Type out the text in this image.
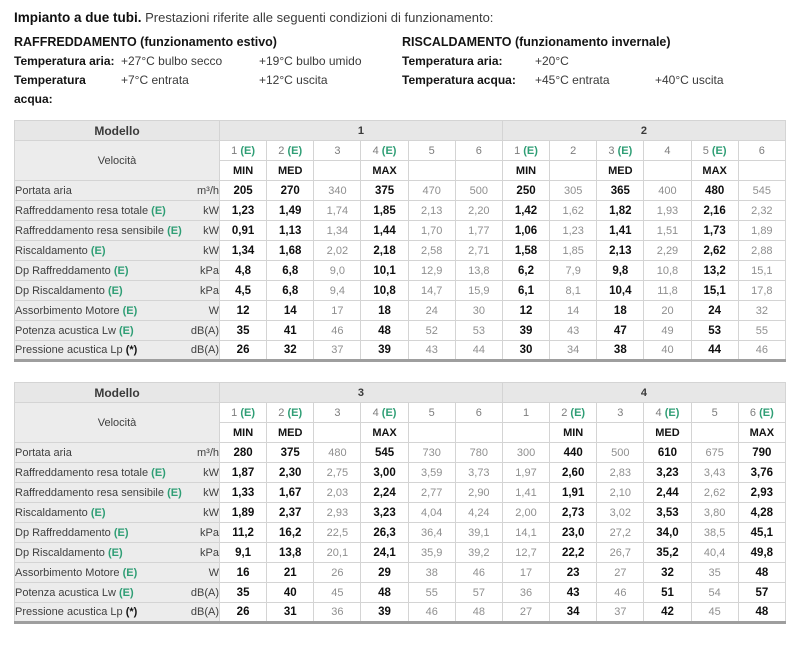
Impianto a due tubi. Prestazioni riferite alle seguenti condizioni di funzionamento:
RAFFREDDAMENTO (funzionamento estivo)
Temperatura aria: +27°C bulbo secco	+19°C bulbo umido
Temperatura acqua:
+7°C entrata	+12°C uscita
RISCALDAMENTO (funzionamento invernale)
Temperatura aria:	+20°C
Temperatura acqua:	+45°C entrata	+40°C uscita
Modello	1						2					
Velocità	1 (E)	2 (E)	3	4 (E)	5	6	1 (E)	2	3 (E)	4	5 (E)	6
	MIN	MED		MAX			MIN		MED		MAX	

Portata aria m³/h	205	270	340	375	470	500	250	305	365	400	480	545

Raffreddamento resa totale (E) kW	1,23	1,49	1,74	1,85	2,13	2,20	1,42	1,62	1,82	1,93	2,16	2,32

Raffreddamento resa sensibile (E) kW	0,91	1,13	1,34	1,44	1,70	1,77	1,06	1,23	1,41	1,51	1,73	1,89

Riscaldamento (E) kW	1,34	1,68	2,02	2,18	2,58	2,71	1,58	1,85	2,13	2,29	2,62	2,88

Dp Raffreddamento (E) kPa	4,8	6,8	9,0	10,1	12,9	13,8	6,2	7,9	9,8	10,8	13,2	15,1

Dp Riscaldamento (E) kPa	4,5	6,8	9,4	10,8	14,7	15,9	6,1	8,1	10,4	11,8	15,1	17,8

Assorbimento Motore (E) W	12	14	17	18	24	30	12	14	18	20	24	32

Potenza acustica Lw (E) dB(A)	35	41	46	48	52	53	39	43	47	49	53	55

Pressione acustica Lp (*) dB(A)	26	32	37	39	43	44	30	34	38	40	44	46
Modello	3						4					
Velocità	1 (E)	2 (E)	3	4 (E)	5	6	1	2 (E)	3	4 (E)	5	6 (E)
	MIN	MED		MAX				MIN		MED		MAX

Portata aria m³/h	280	375	480	545	730	780	300	440	500	610	675	790

Raffreddamento resa totale (E) kW	1,87	2,30	2,75	3,00	3,59	3,73	1,97	2,60	2,83	3,23	3,43	3,76

Raffreddamento resa sensibile (E) kW	1,33	1,67	2,03	2,24	2,77	2,90	1,41	1,91	2,10	2,44	2,62	2,93

Riscaldamento (E) kW	1,89	2,37	2,93	3,23	4,04	4,24	2,00	2,73	3,02	3,53	3,80	4,28

Dp Raffreddamento (E) kPa	11,2	16,2	22,5	26,3	36,4	39,1	14,1	23,0	27,2	34,0	38,5	45,1

Dp Riscaldamento (E) kPa	9,1	13,8	20,1	24,1	35,9	39,2	12,7	22,2	26,7	35,2	40,4	49,8

Assorbimento Motore (E) W	16	21	26	29	38	46	17	23	27	32	35	48

Potenza acustica Lw (E) dB(A)	35	40	45	48	55	57	36	43	46	51	54	57

Pressione acustica Lp (*) dB(A)	26	31	36	39	46	48	27	34	37	42	45	48
